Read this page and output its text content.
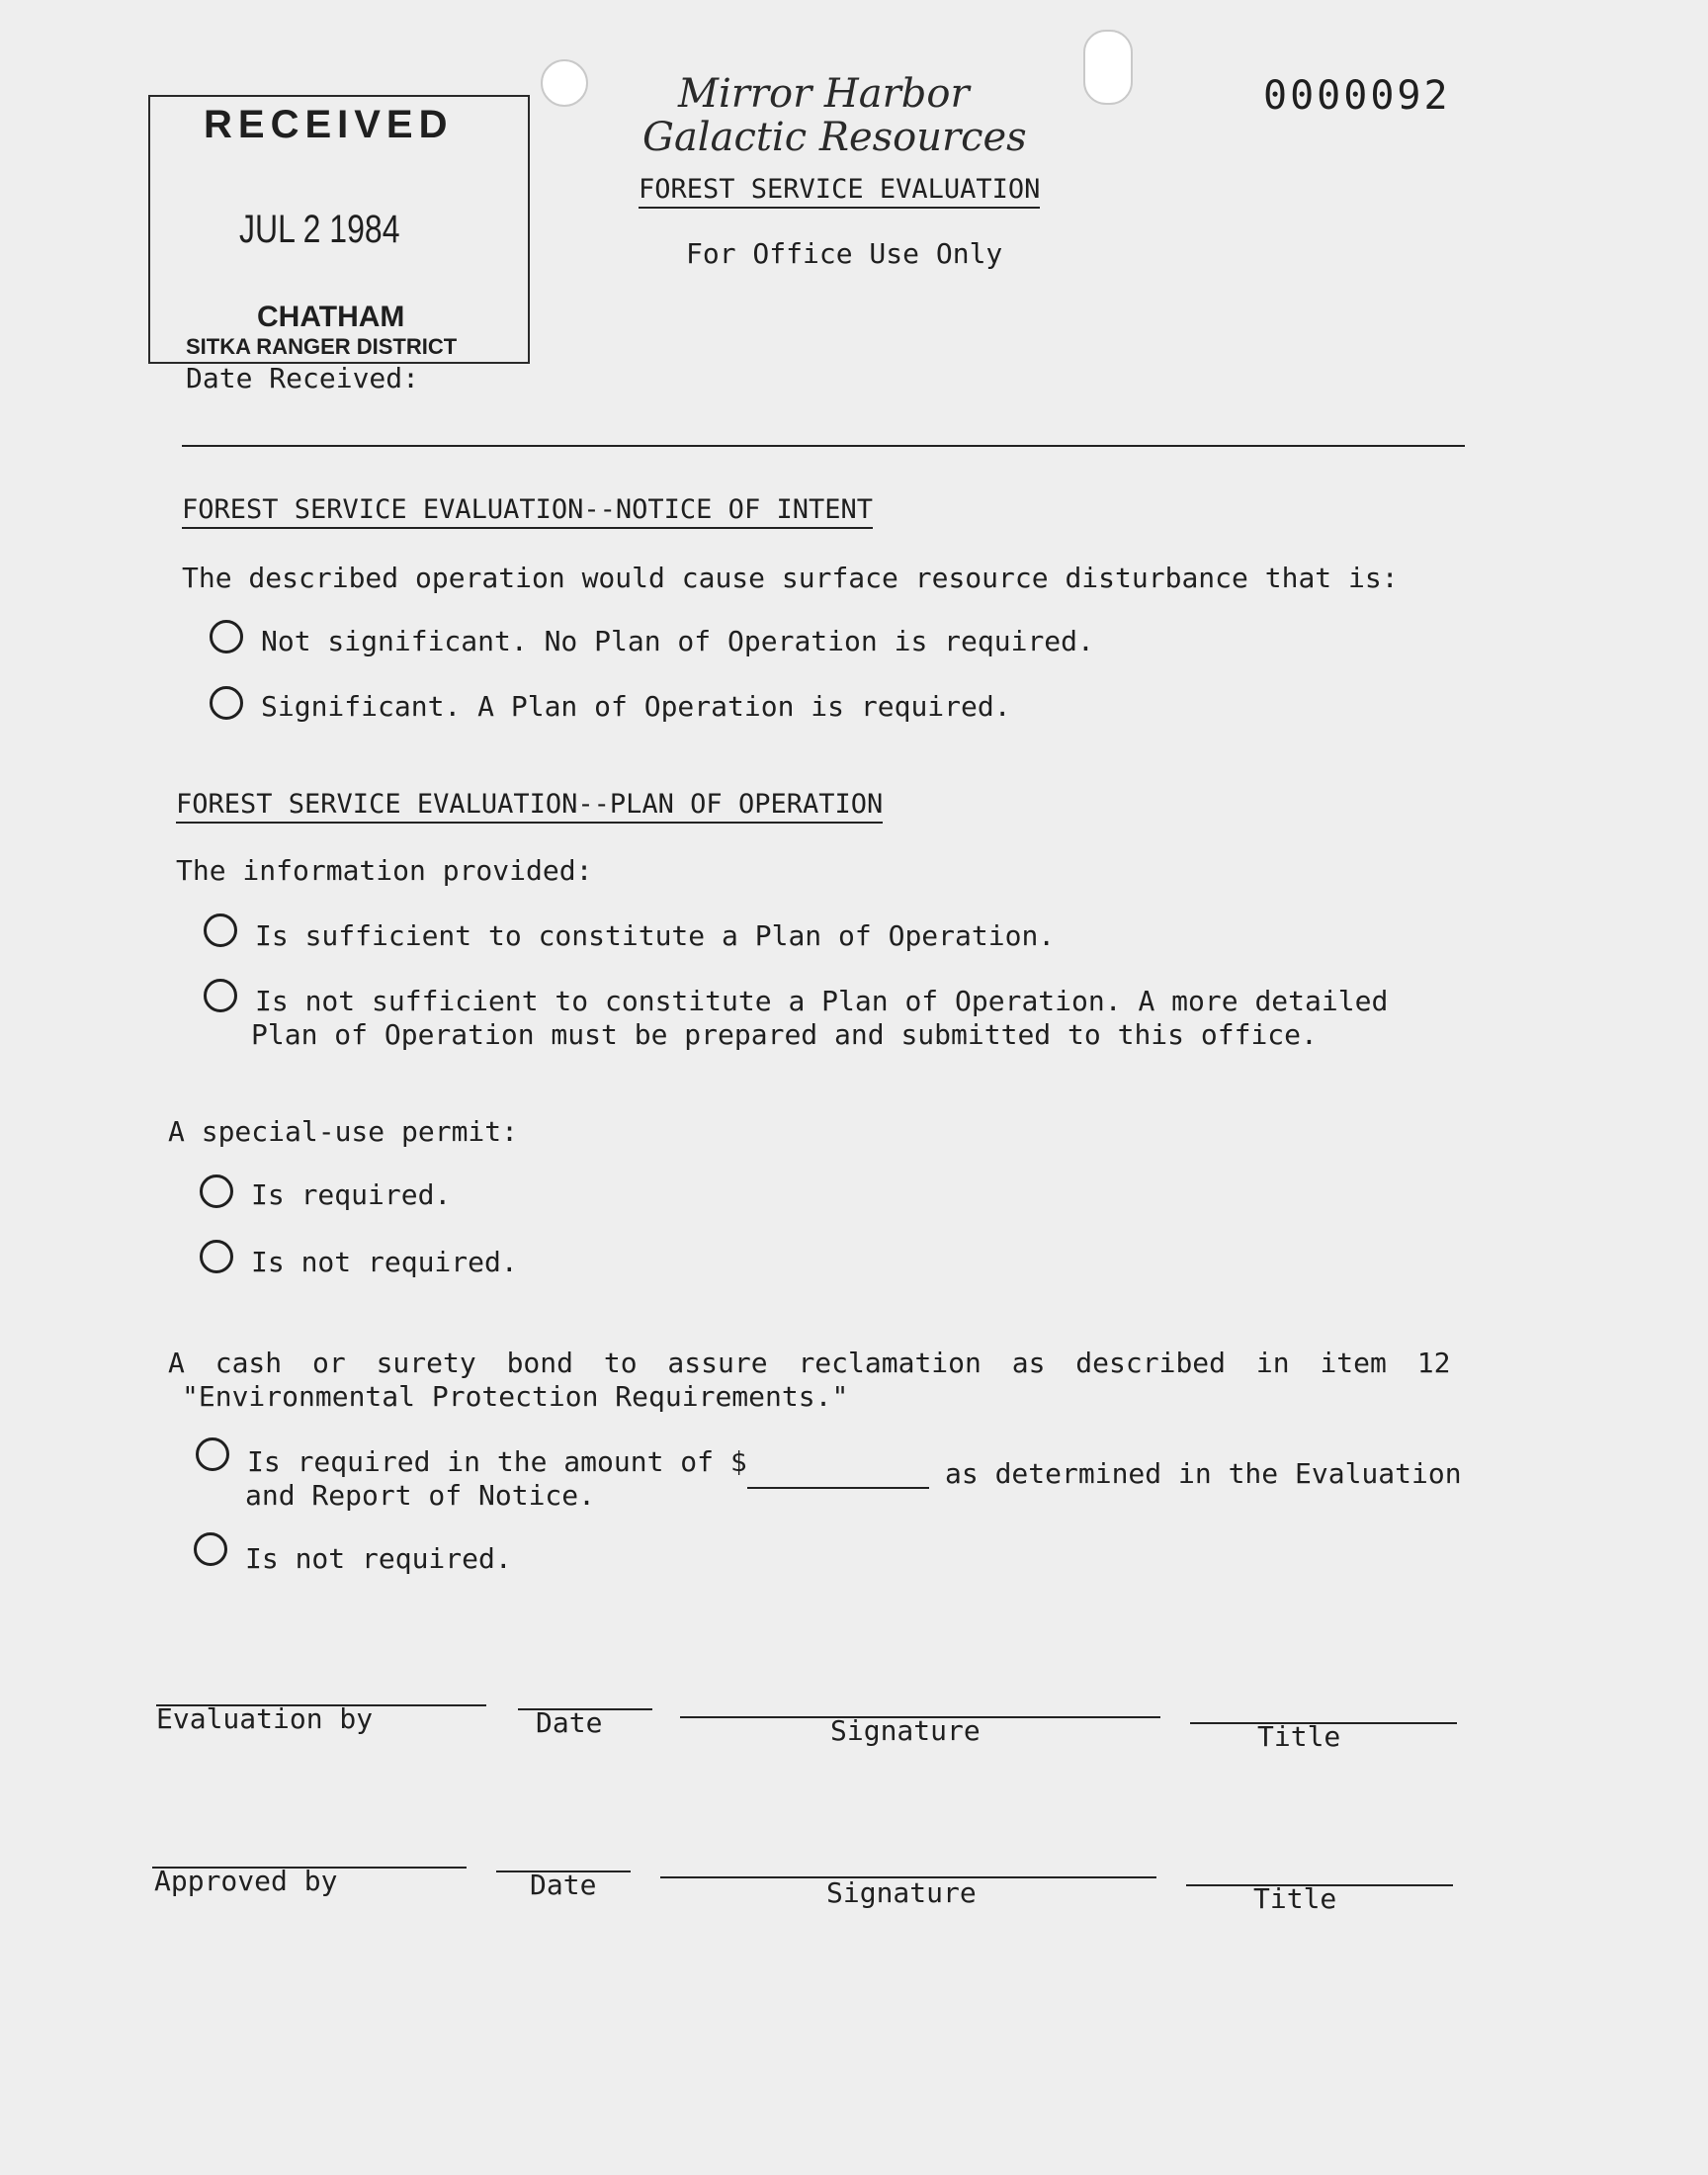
0000092
RECEIVED
JUL 2 1984
CHATHAM
SITKA RANGER DISTRICT
Mirror Harbor
Galactic Resources
FOREST SERVICE EVALUATION
For Office Use Only
Date Received:
FOREST SERVICE EVALUATION--NOTICE OF INTENT
The described operation would cause surface resource disturbance that is:
Not significant. No Plan of Operation is required.
Significant. A Plan of Operation is required.
FOREST SERVICE EVALUATION--PLAN OF OPERATION
The information provided:
Is sufficient to constitute a Plan of Operation.
Is not sufficient to constitute a Plan of Operation. A more detailed
Plan of Operation must be prepared and submitted to this office.
A special-use permit:
Is required.
Is not required.
A cash or surety bond to assure reclamation as described in item 12
"Environmental Protection Requirements."
Is required in the amount of $	as determined in the Evaluation
and Report of Notice.
Is not required.
Evaluation by	Date	Signature	Title
Approved by	Date	Signature	Title
